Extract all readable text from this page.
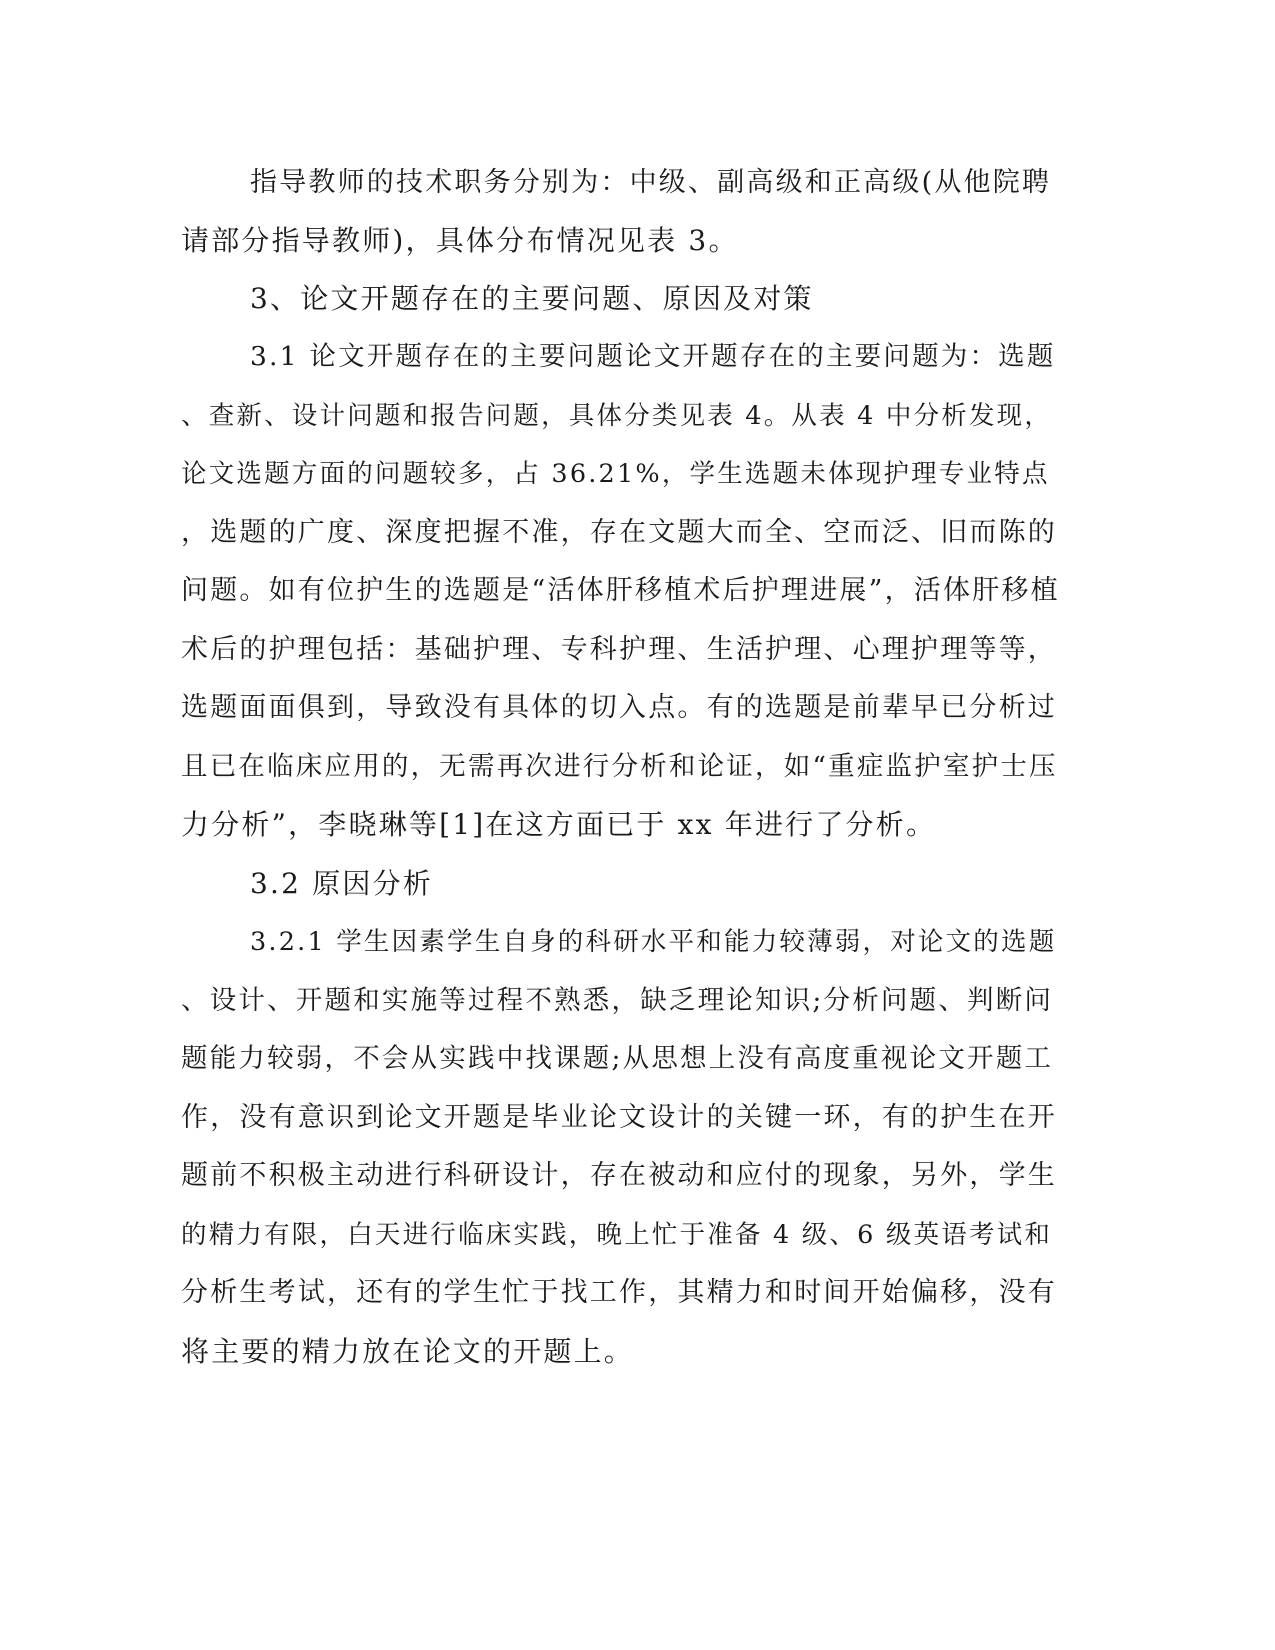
指导教师的技术职务分别为：中级、副高级和正高级(从他院聘
请部分指导教师)，具体分布情况见表 3。
3、论文开题存在的主要问题、原因及对策
3.1 论文开题存在的主要问题论文开题存在的主要问题为：选题
、查新、设计问题和报告问题，具体分类见表 4。从表 4 中分析发现，
论文选题方面的问题较多，占 36.21%，学生选题未体现护理专业特点
，选题的广度、深度把握不准，存在文题大而全、空而泛、旧而陈的
问题。如有位护生的选题是“活体肝移植术后护理进展”，活体肝移植
术后的护理包括：基础护理、专科护理、生活护理、心理护理等等，
选题面面俱到，导致没有具体的切入点。有的选题是前辈早已分析过
且已在临床应用的，无需再次进行分析和论证，如“重症监护室护士压
力分析”，李晓琳等[1]在这方面已于 xx 年进行了分析。
3.2 原因分析
3.2.1 学生因素学生自身的科研水平和能力较薄弱，对论文的选题
、设计、开题和实施等过程不熟悉，缺乏理论知识;分析问题、判断问
题能力较弱，不会从实践中找课题;从思想上没有高度重视论文开题工
作，没有意识到论文开题是毕业论文设计的关键一环，有的护生在开
题前不积极主动进行科研设计，存在被动和应付的现象，另外，学生
的精力有限，白天进行临床实践，晚上忙于准备 4 级、6 级英语考试和
分析生考试，还有的学生忙于找工作，其精力和时间开始偏移，没有
将主要的精力放在论文的开题上。
